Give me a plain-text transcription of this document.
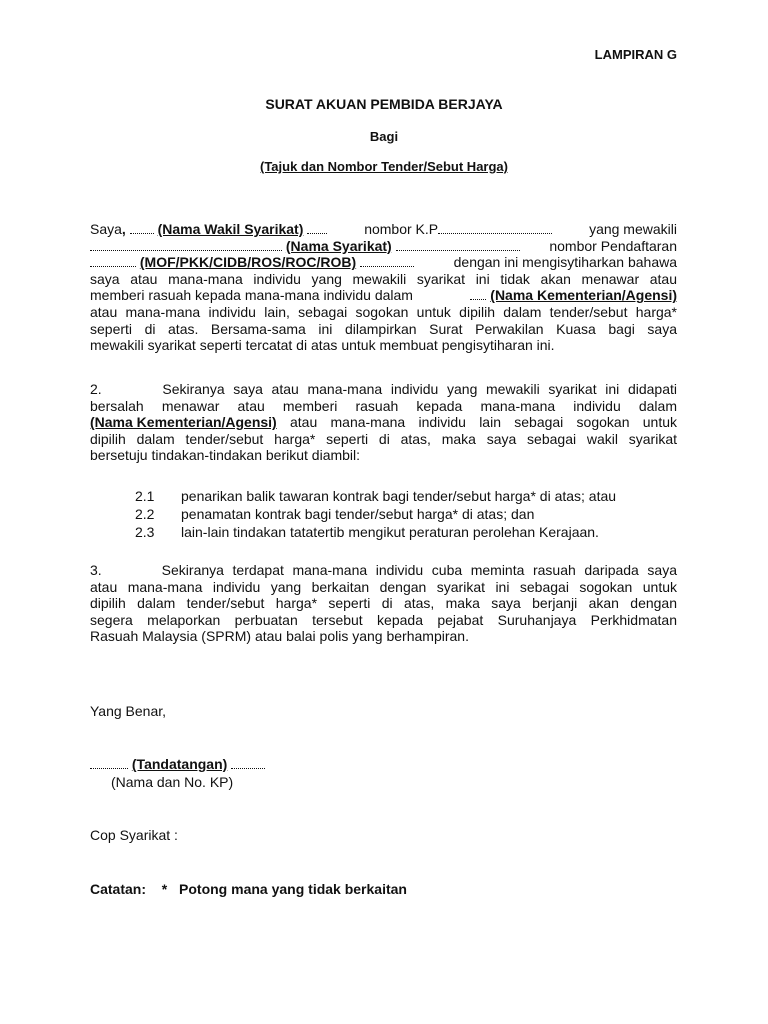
LAMPIRAN G
SURAT AKUAN PEMBIDA BERJAYA
Bagi
(Tajuk dan Nombor Tender/Sebut Harga)
Saya, (Nama Wakil Syarikat)	nombor K.P	yang mewakili
(Nama Syarikat)	nombor Pendaftaran
(MOF/PKK/CIDB/ROS/ROC/ROB)	dengan ini mengisytiharkan bahawa
saya atau mana-mana individu yang mewakili syarikat ini tidak akan menawar atau
memberi rasuah kepada mana-mana individu dalam	(Nama Kementerian/Agensi)
atau mana-mana individu lain, sebagai sogokan untuk dipilih dalam tender/sebut harga*
seperti di atas. Bersama-sama ini dilampirkan Surat Perwakilan Kuasa bagi saya
mewakili syarikat seperti tercatat di atas untuk membuat pengisytiharan ini.
2.       Sekiranya saya atau mana-mana individu yang mewakili syarikat ini didapati
bersalah menawar atau memberi rasuah kepada mana-mana individu dalam
(Nama Kementerian/Agensi) atau mana-mana individu lain sebagai sogokan untuk
dipilih dalam tender/sebut harga* seperti di atas, maka saya sebagai wakil syarikat
bersetuju tindakan-tindakan berikut diambil:
2.1 penarikan balik tawaran kontrak bagi tender/sebut harga* di atas; atau
2.2 penamatan kontrak bagi tender/sebut harga* di atas; dan
2.3 lain-lain tindakan tatatertib mengikut peraturan perolehan Kerajaan.
3.       Sekiranya terdapat mana-mana individu cuba meminta rasuah daripada saya
atau mana-mana individu yang berkaitan dengan syarikat ini sebagai sogokan untuk
dipilih dalam tender/sebut harga* seperti di atas, maka saya berjanji akan dengan
segera melaporkan perbuatan tersebut kepada pejabat Suruhanjaya Perkhidmatan
Rasuah Malaysia (SPRM) atau balai polis yang berhampiran.
Yang Benar,
(Tandatangan)
(Nama dan No. KP)
Cop Syarikat :
Catatan: * Potong mana yang tidak berkaitan
